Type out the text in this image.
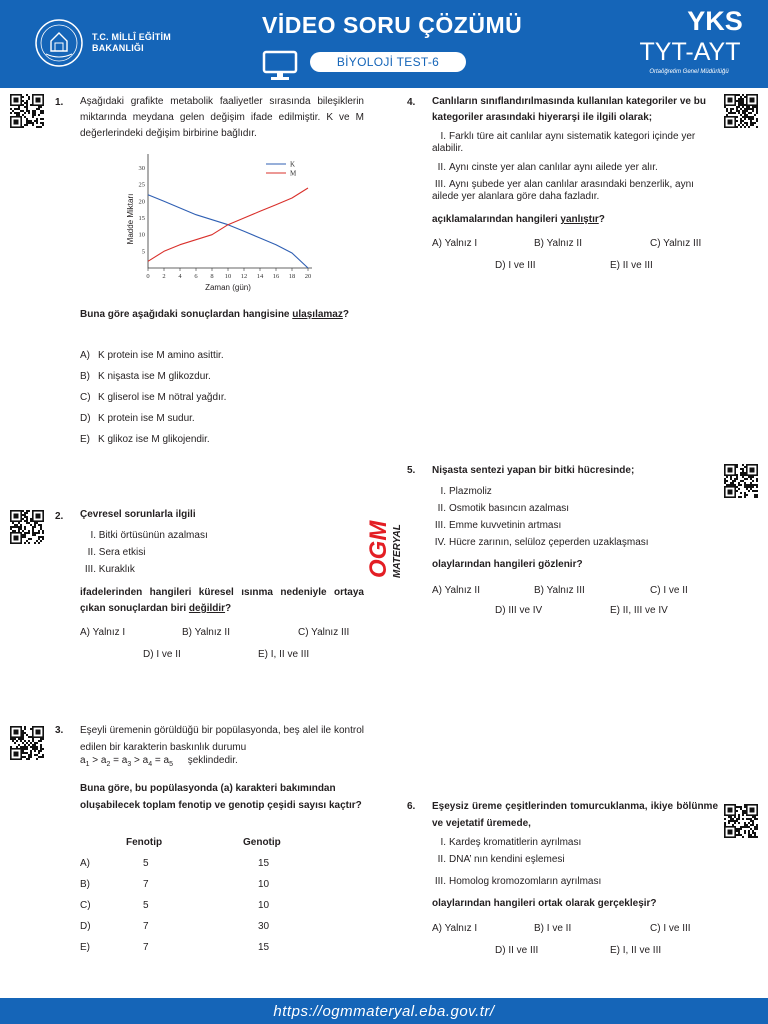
T.C. MİLLÎ EĞİTİM
BAKANLIĞI
VİDEO SORU ÇÖZÜMÜ
BİYOLOJİ TEST-6
YKS
TYT-AYT
Ortaöğretim Genel Müdürlüğü
1. Aşağıdaki grafikte metabolik faaliyetler sırasında bileşiklerin miktarında meydana gelen değişim ifade edilmiştir. K ve M değerlerindeki değişim birbirine bağlıdır.
0 2 4 6 8 10 12 14 16 18 20
5
10
15
20
25
30
Zaman (gün)
Madde Miktarı
K
M
Buna göre aşağıdaki sonuçlardan hangisine ulaşılamaz?
A) K protein ise M amino asittir.
B) K nişasta ise M glikozdur.
C) K gliserol ise M nötral yağdır.
D) K protein ise M sudur.
E) K glikoz ise M glikojendir.
2. Çevresel sorunlarla ilgili
I. Bitki örtüsünün azalması
II. Sera etkisi
III. Kuraklık
ifadelerinden hangileri küresel ısınma nedeniyle ortaya çıkan sonuçlardan biri değildir?
A) Yalnız I	B) Yalnız II	C) Yalnız III
D) I ve II	E) I, II ve III
3. Eşeyli üremenin görüldüğü bir popülasyonda, beş alel ile kontrol edilen bir karakterin baskınlık durumu
$a_1 > a_2 = a_3 > a_4 = a_5$ şeklindedir.
Buna göre, bu popülasyonda (a) karakteri bakımından oluşabilecek toplam fenotip ve genotip çeşidi sayısı kaçtır?
Fenotip	Genotip
A)	5	15
B)	7	10
C)	5	10
D)	7	30
E)	7	15
OGM MATERYAL
4. Canlıların sınıflandırılmasında kullanılan kategoriler ve bu kategoriler arasındaki hiyerarşi ile ilgili olarak;
I. Farklı türe ait canlılar aynı sistematik kategori içinde yer alabilir.
II. Aynı cinste yer alan canlılar aynı ailede yer alır.
III. Aynı şubede yer alan canlılar arasındaki benzerlik, aynı ailede yer alanlara göre daha fazladır.
açıklamalarından hangileri yanlıştır?
A) Yalnız I	B) Yalnız II	C) Yalnız III
D) I ve III	E) II ve III
5. Nişasta sentezi yapan bir bitki hücresinde;
I. Plazmoliz
II. Osmotik basıncın azalması
III. Emme kuvvetinin artması
IV. Hücre zarının, selüloz çeperden uzaklaşması
olaylarından hangileri gözlenir?
A) Yalnız II	B) Yalnız III	C) I ve II
D) III ve IV	E) II, III ve IV
6. Eşeysiz üreme çeşitlerinden tomurcuklanma, ikiye bölünme ve vejetatif üremede,
I. Kardeş kromatitlerin ayrılması
II. DNA’ nın kendini eşlemesi
III. Homolog kromozomların ayrılması
olaylarından hangileri ortak olarak gerçekleşir?
A) Yalnız I	B) I ve II	C) I ve III
D) II ve III	E) I, II ve III
https://ogmmateryal.eba.gov.tr/
